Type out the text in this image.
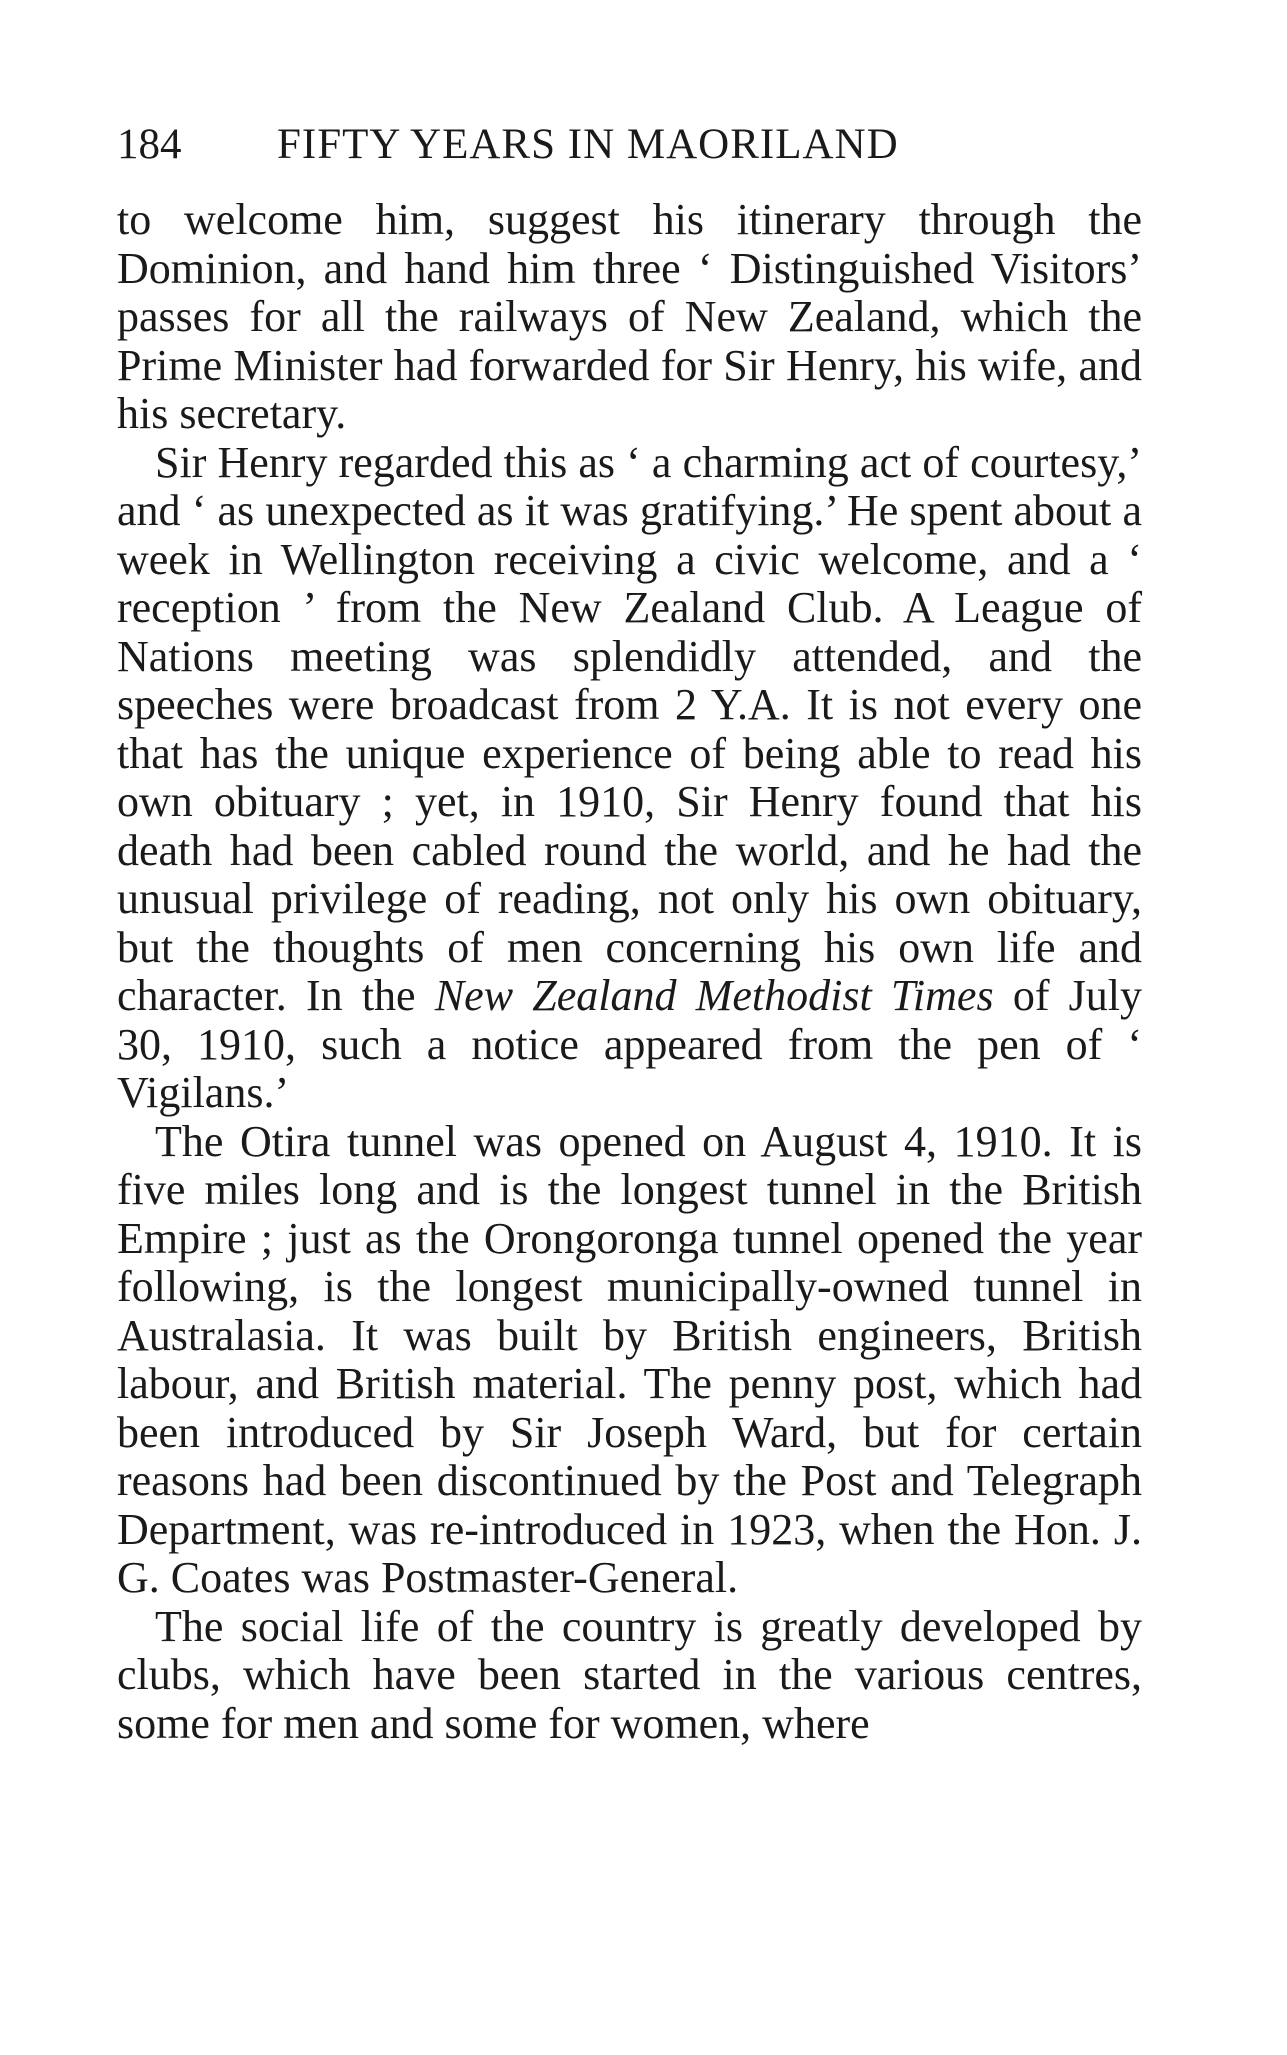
184	FIFTY YEARS IN MAORILAND

to welcome him, suggest his itinerary through the Dominion, and hand him three ‘ Distinguished Visitors’ passes for all the railways of New Zealand, which the Prime Minister had forwarded for Sir Henry, his wife, and his secretary.

Sir Henry regarded this as ‘ a charming act of courtesy,’ and ‘ as unexpected as it was gratifying.’ He spent about a week in Wellington receiving a civic welcome, and a ‘ reception ’ from the New Zealand Club. A League of Nations meeting was splendidly attended, and the speeches were broadcast from 2 Y.A. It is not every one that has the unique experience of being able to read his own obituary ; yet, in 1910, Sir Henry found that his death had been cabled round the world, and he had the unusual privilege of reading, not only his own obituary, but the thoughts of men concerning his own life and character. In the New Zealand Methodist Times of July 30, 1910, such a notice appeared from the pen of ‘ Vigilans.’

The Otira tunnel was opened on August 4, 1910. It is five miles long and is the longest tunnel in the British Empire ; just as the Orongoronga tunnel opened the year following, is the longest municipally-owned tunnel in Australasia. It was built by British engineers, British labour, and British material. The penny post, which had been introduced by Sir Joseph Ward, but for certain reasons had been discontinued by the Post and Telegraph Department, was re-introduced in 1923, when the Hon. J. G. Coates was Postmaster-General.

The social life of the country is greatly developed by clubs, which have been started in the various centres, some for men and some for women, where
